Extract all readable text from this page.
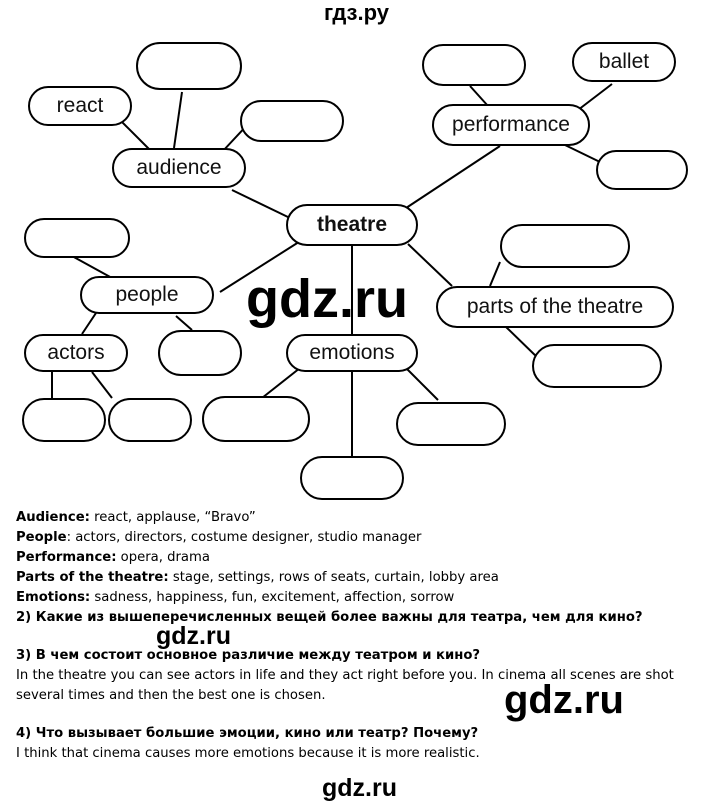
гдз.ру
theatre
audience
react
performance
ballet
people
actors
parts of the theatre
emotions
gdz.ru
gdz.ru
gdz.ru
gdz.ru

Audience: react, applause, “Bravo”

People: actors, directors, costume designer, studio manager

Performance: opera, drama

Parts of the theatre: stage, settings, rows of seats, curtain, lobby area

Emotions: sadness, happiness, fun, excitement, affection, sorrow

2) Какие из вышеперечисленных вещей более важны для театра, чем для кино?

3) В чем состоит основное различие между театром и кино?

In the theatre you can see actors in life and they act right before you. In cinema all scenes are shot

several times and then the best one is chosen.

4) Что вызывает большие эмоции, кино или театр? Почему?

I think that cinema causes more emotions because it is more realistic.
